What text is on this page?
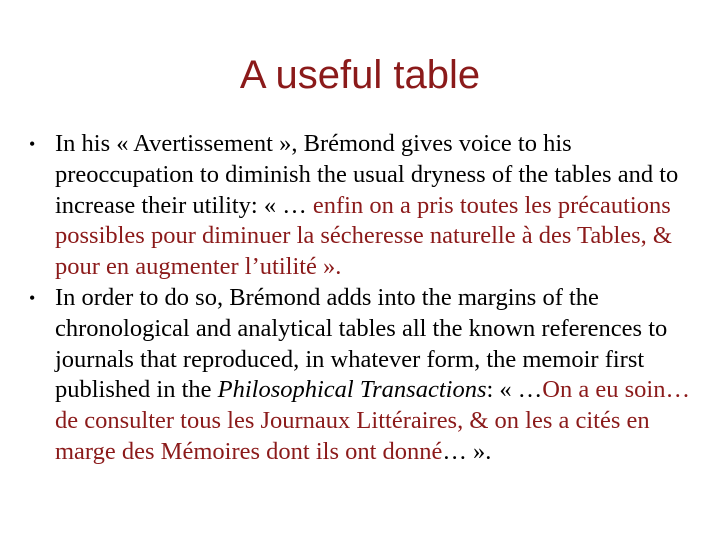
A useful table
• In his « Avertissement », Brémond gives voice to his preoccupation to diminish the usual dryness of the tables and to increase their utility: « … enfin on a pris toutes les précautions possibles pour diminuer la sécheresse naturelle à des Tables, & pour en augmenter l’utilité ».
• In order to do so, Brémond adds into the margins of the chronological and analytical tables all the known references to journals that reproduced, in whatever form, the memoir first published in the Philosophical Transactions: « …On a eu soin…de consulter tous les Journaux Littéraires, & on les a cités en marge des Mémoires dont ils ont donné… ».
